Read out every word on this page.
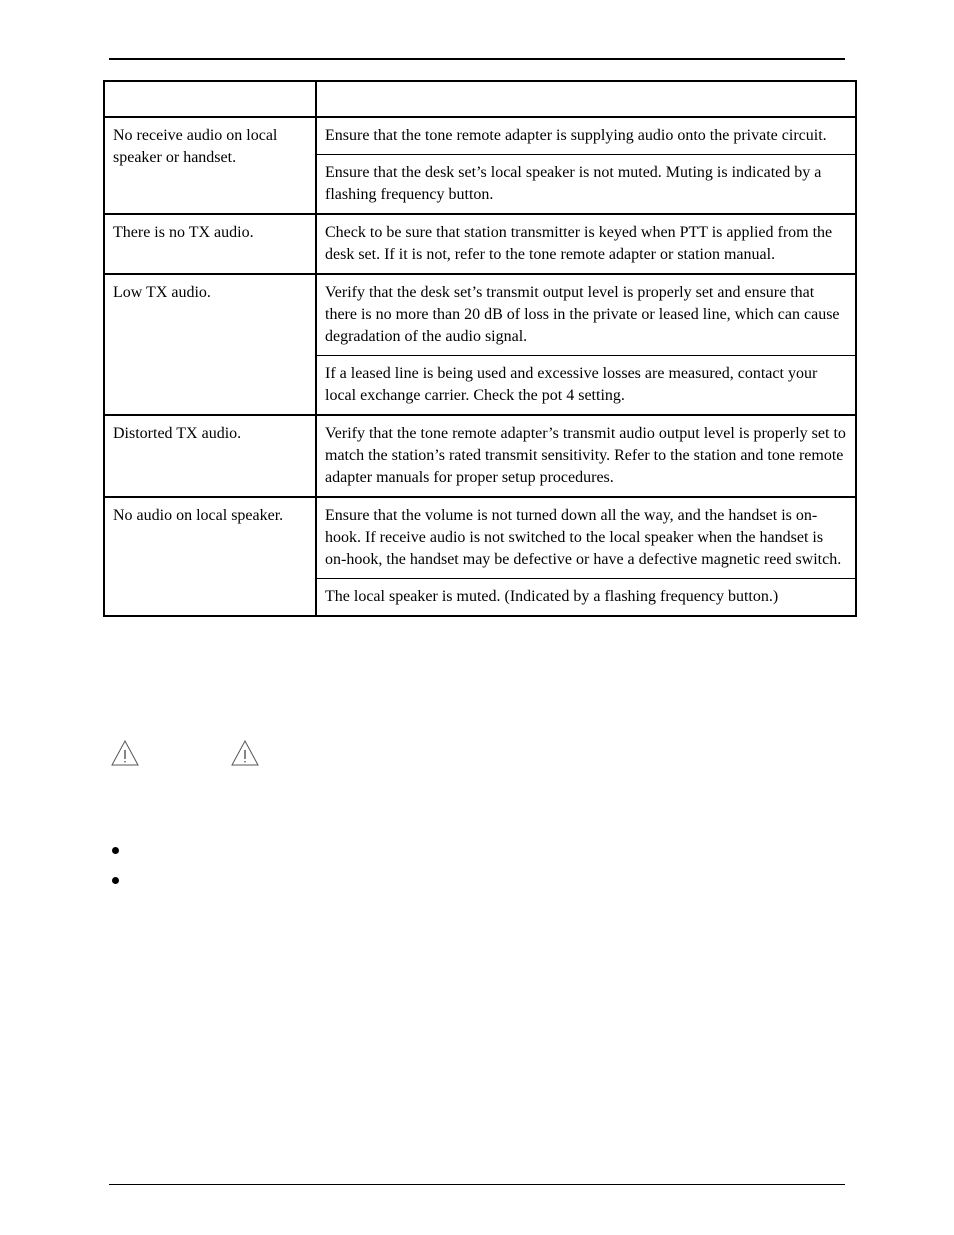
No receive audio on local speaker or handset.	Ensure that the tone remote adapter is supplying audio onto the private circuit.
	Ensure that the desk set’s local speaker is not muted. Muting is indicated by a flashing frequency button.
There is no TX audio.	Check to be sure that station transmitter is keyed when PTT is applied from the desk set. If it is not, refer to the tone remote adapter or station manual.
Low TX audio.	Verify that the desk set’s transmit output level is properly set and ensure that there is no more than 20 dB of loss in the private or leased line, which can cause degradation of the audio signal.
	If a leased line is being used and excessive losses are measured, contact your local exchange carrier. Check the pot 4 setting.
Distorted TX audio.	Verify that the tone remote adapter’s transmit audio output level is properly set to match the station’s rated transmit sensitivity. Refer to the station and tone remote adapter manuals for proper setup procedures.
No audio on local speaker.	Ensure that the volume is not turned down all the way, and the handset is on-hook. If receive audio is not switched to the local speaker when the handset is on-hook, the handset may be defective or have a defective magnetic reed switch.
	The local speaker is muted. (Indicated by a flashing frequency button.)
